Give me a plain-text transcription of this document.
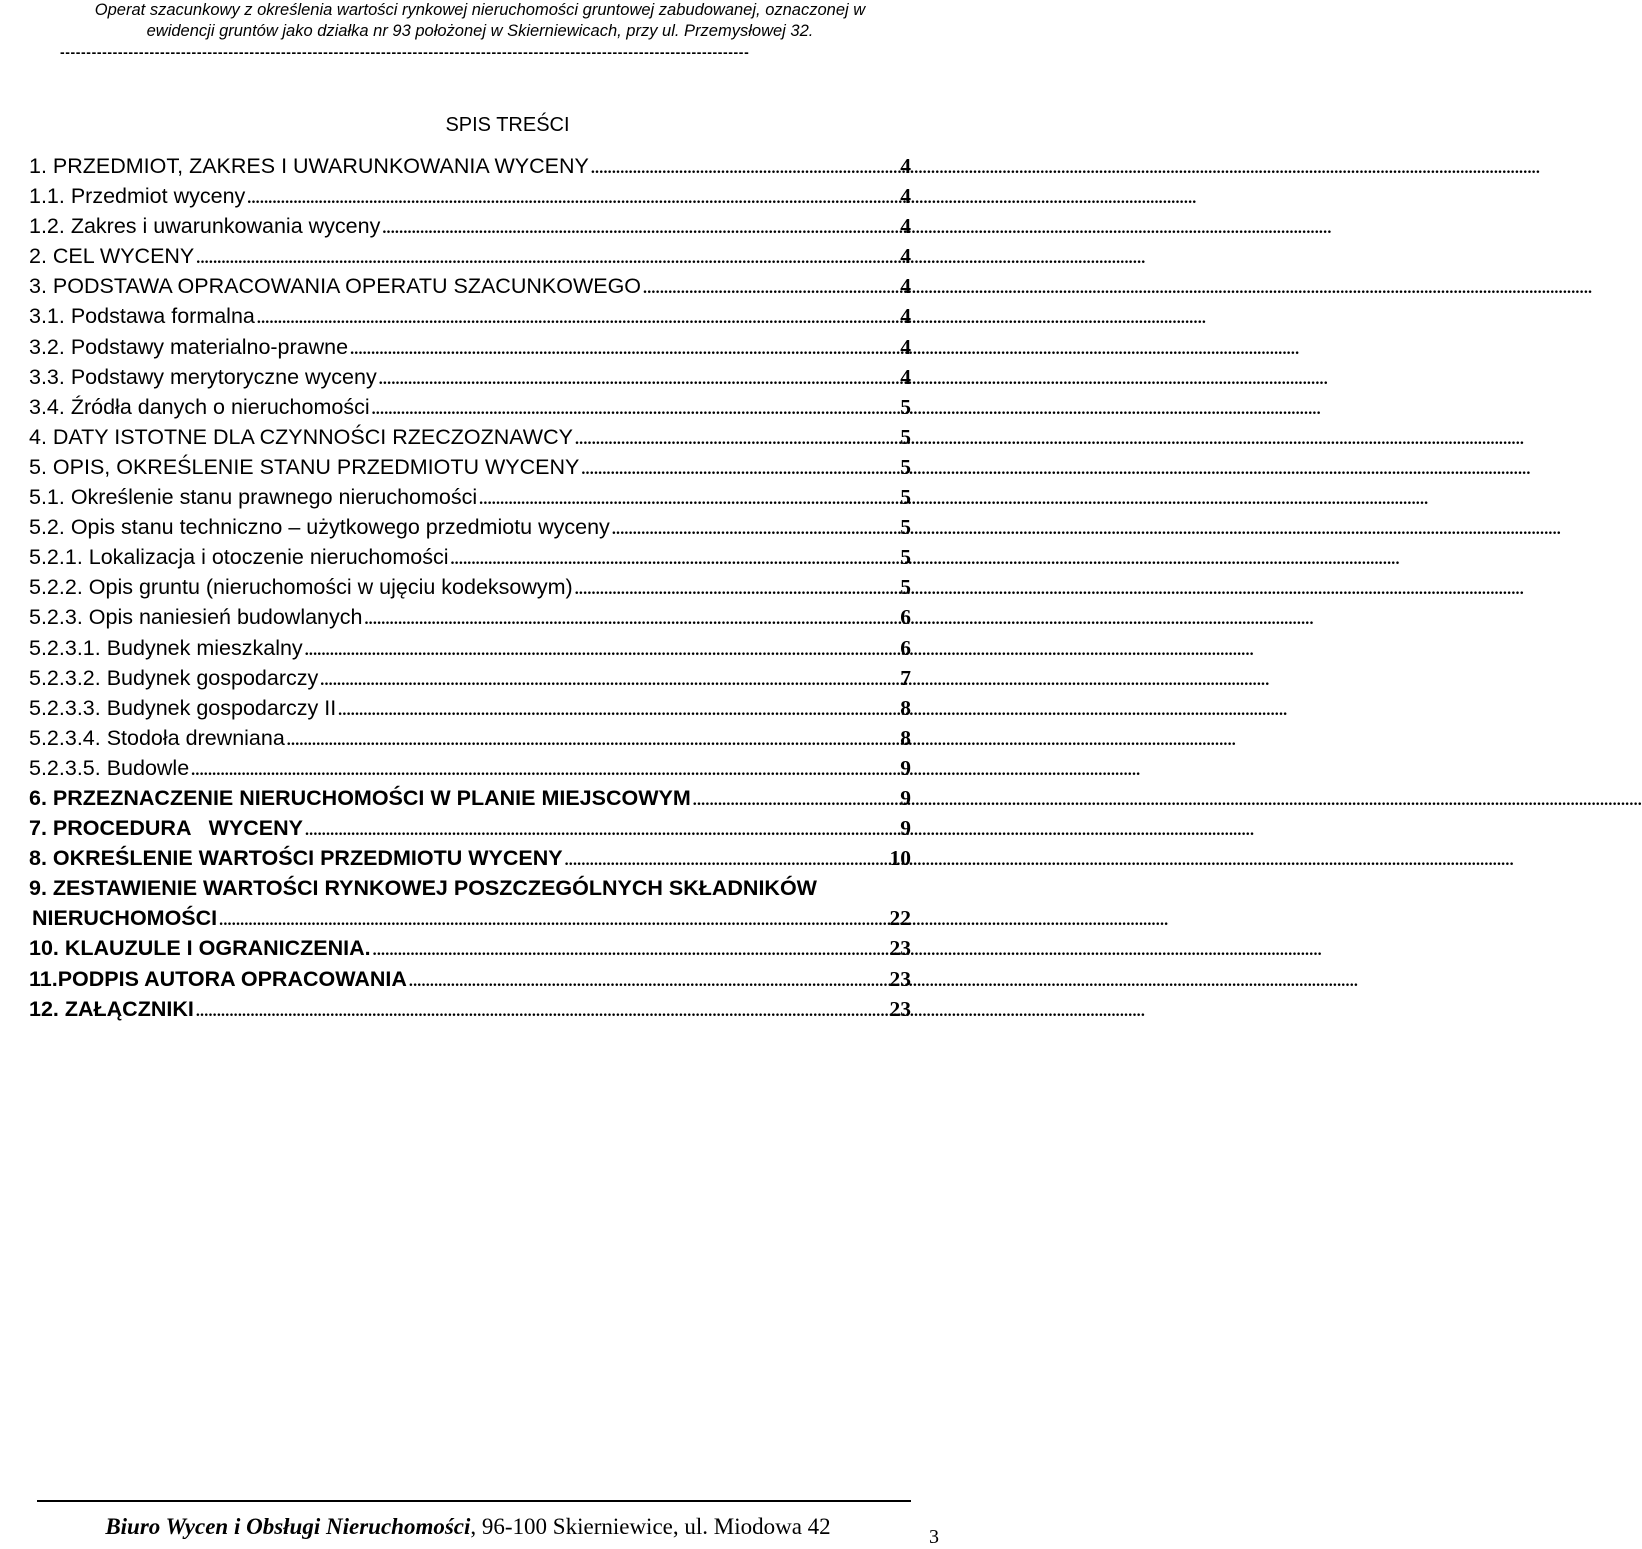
Operat szacunkowy z określenia wartości rynkowej nieruchomości gruntowej zabudowanej, oznaczonej w
ewidencji gruntów jako działka nr 93 położonej w Skierniewicach, przy ul. Przemysłowej 32.
-----------------------------------------------------------------------------------------------------------------------------------
SPIS TREŚCI
1. PRZEDMIOT, ZAKRES I UWARUNKOWANIA WYCENY .....	4
1.1. Przedmiot wyceny .....	4
1.2. Zakres i uwarunkowania wyceny .....	4
2. CEL WYCENY .....	4
3. PODSTAWA OPRACOWANIA OPERATU SZACUNKOWEGO .....	4
3.1. Podstawa formalna .....	4
3.2. Podstawy materialno-prawne .....	4
3.3. Podstawy merytoryczne wyceny .....	4
3.4. Źródła danych o nieruchomości .....	5
4. DATY ISTOTNE DLA CZYNNOŚCI RZECZOZNAWCY .....	5
5. OPIS, OKREŚLENIE STANU PRZEDMIOTU WYCENY .....	5
5.1. Określenie stanu prawnego nieruchomości .....	5
5.2. Opis stanu techniczno – użytkowego przedmiotu wyceny .....	5
5.2.1. Lokalizacja i otoczenie nieruchomości .....	5
5.2.2. Opis gruntu (nieruchomości w ujęciu kodeksowym) .....	5
5.2.3. Opis naniesień budowlanych .....	6
5.2.3.1. Budynek mieszkalny .....	6
5.2.3.2. Budynek gospodarczy .....	7
5.2.3.3. Budynek gospodarczy II .....	8
5.2.3.4. Stodoła drewniana .....	8
5.2.3.5. Budowle .....	9
6. PRZEZNACZENIE NIERUCHOMOŚCI W PLANIE MIEJSCOWYM .....	9
7. PROCEDURA   WYCENY .....	9
8. OKREŚLENIE WARTOŚCI PRZEDMIOTU WYCENY .....	10
9. ZESTAWIENIE WARTOŚCI RYNKOWEJ POSZCZEGÓLNYCH SKŁADNIKÓW
NIERUCHOMOŚCI .....	22
10. KLAUZULE I OGRANICZENIA. .....	23
11.PODPIS AUTORA OPRACOWANIA .....	23
12. ZAŁĄCZNIKI .....	23
Biuro Wycen i Obsługi Nieruchomości, 96-100 Skierniewice, ul. Miodowa 42	3
